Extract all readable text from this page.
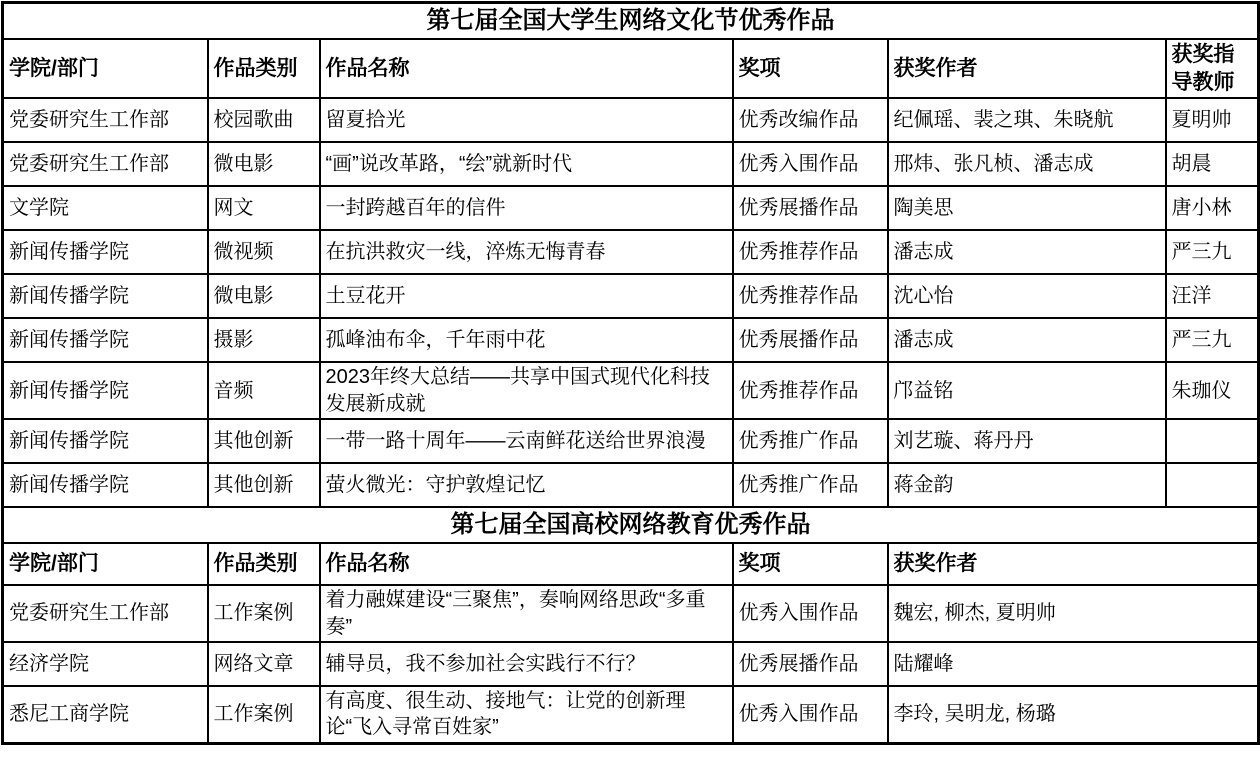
第七届全国大学生网络文化节优秀作品					
学院/部门	作品类别	作品名称	奖项	获奖作者	获奖指导教师
党委研究生工作部	校园歌曲	留夏拾光	优秀改编作品	纪佩瑶、裴之琪、朱晓航	夏明帅
党委研究生工作部	微电影	“画”说改革路，“绘”就新时代	优秀入围作品	邢炜、张凡桢、潘志成	胡晨
文学院	网文	一封跨越百年的信件	优秀展播作品	陶美思	唐小林
新闻传播学院	微视频	在抗洪救灾一线，淬炼无悔青春	优秀推荐作品	潘志成	严三九
新闻传播学院	微电影	土豆花开	优秀推荐作品	沈心怡	汪洋
新闻传播学院	摄影	孤峰油布伞，千年雨中花	优秀展播作品	潘志成	严三九
新闻传播学院	音频	2023年终大总结——共享中国式现代化科技发展新成就	优秀推荐作品	邝益铭	朱珈仪
新闻传播学院	其他创新	一带一路十周年——云南鲜花送给世界浪漫	优秀推广作品	刘艺璇、蒋丹丹	
新闻传播学院	其他创新	萤火微光：守护敦煌记忆	优秀推广作品	蒋金韵	
第七届全国高校网络教育优秀作品					
学院/部门	作品类别	作品名称	奖项	获奖作者	
党委研究生工作部	工作案例	着力融媒建设“三聚焦”，奏响网络思政“多重奏”	优秀入围作品	魏宏, 柳杰, 夏明帅	
经济学院	网络文章	辅导员，我不参加社会实践行不行？	优秀展播作品	陆耀峰	
悉尼工商学院	工作案例	有高度、很生动、接地气：让党的创新理论“飞入寻常百姓家”	优秀入围作品	李玲, 吴明龙, 杨璐	
